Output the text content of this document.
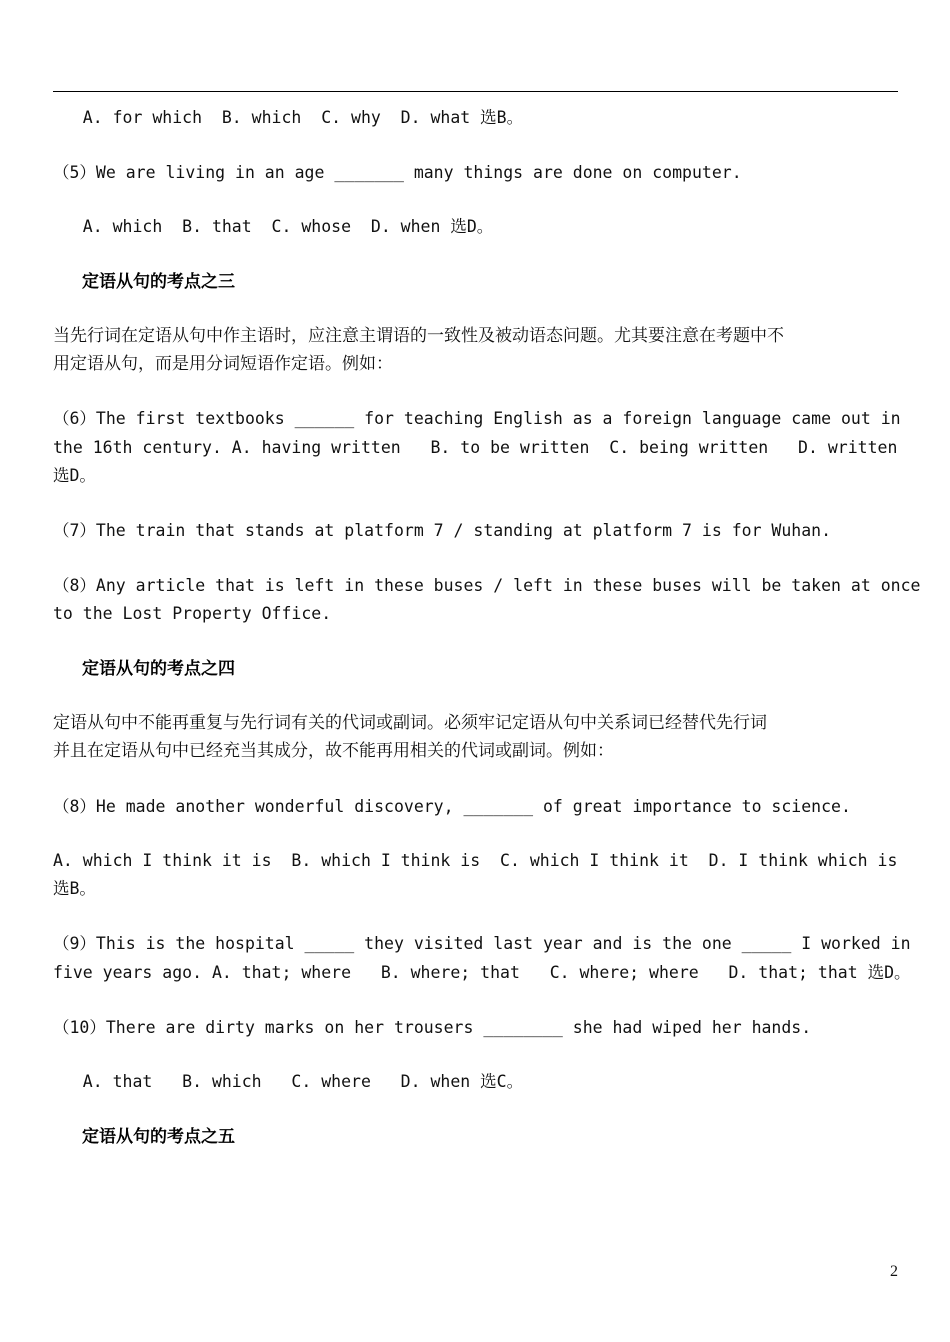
A. for which  B. which  C. why  D. what 选B。
（5）We are living in an age _______ many things are done on computer.
A. which  B. that  C. whose  D. when 选D。
定语从句的考点之三
当先行词在定语从句中作主语时，应注意主谓语的一致性及被动语态问题。尤其要注意在考题中不
用定语从句，而是用分词短语作定语。例如：
（6）The first textbooks ______ for teaching English as a foreign language came out in
the 16th century. A. having written   B. to be written  C. being written   D. written
选D。
（7）The train that stands at platform 7 / standing at platform 7 is for Wuhan.
（8）Any article that is left in these buses / left in these buses will be taken at once
to the Lost Property Office.
定语从句的考点之四
定语从句中不能再重复与先行词有关的代词或副词。必须牢记定语从句中关系词已经替代先行词
并且在定语从句中已经充当其成分，故不能再用相关的代词或副词。例如：
（8）He made another wonderful discovery, _______ of great importance to science.
A. which I think it is  B. which I think is  C. which I think it  D. I think which is
选B。
（9）This is the hospital _____ they visited last year and is the one _____ I worked in
five years ago. A. that; where   B. where; that   C. where; where   D. that; that 选D。
（10）There are dirty marks on her trousers ________ she had wiped her hands.
A. that   B. which   C. where   D. when 选C。
定语从句的考点之五
2
